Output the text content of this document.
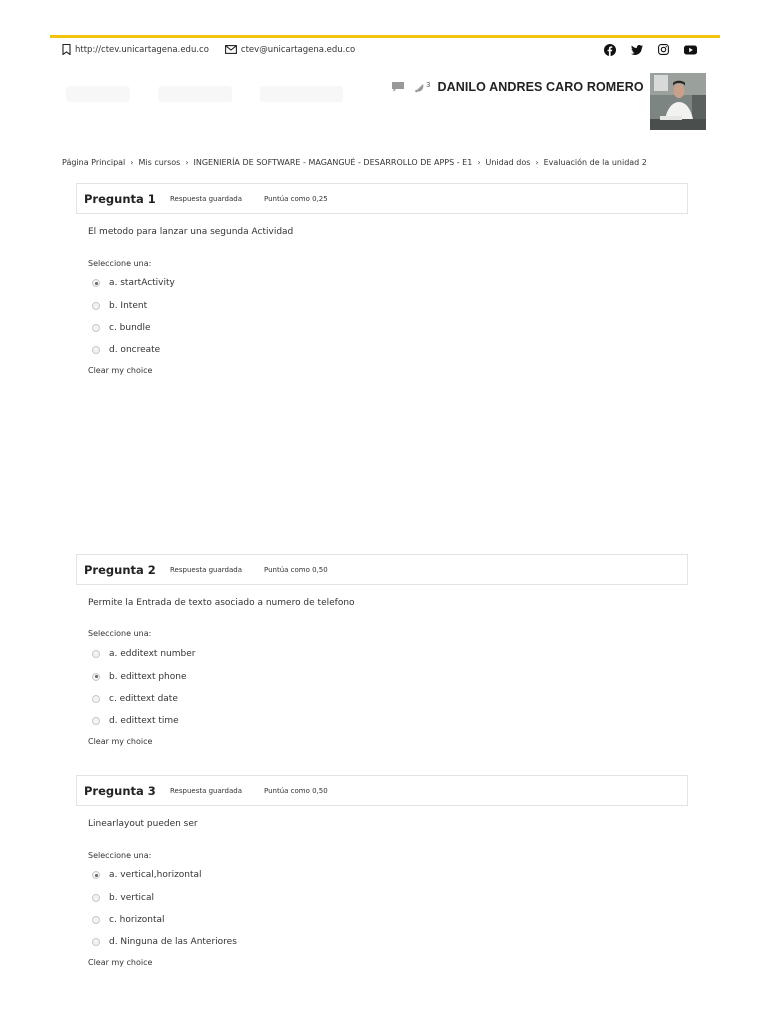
http://ctev.unicartagena.edu.co	ctev@unicartagena.edu.co
3 DANILO ANDRES CARO ROMERO
Página Principal › Mis cursos › INGENIERÍA DE SOFTWARE - MAGANGUÉ - DESARROLLO DE APPS - E1 › Unidad dos › Evaluación de la unidad 2
Pregunta 1	Respuesta guardada	Puntúa como 0,25
El metodo para lanzar una segunda Actividad
Seleccione una:
a. startActivity
b. Intent
c. bundle
d. oncreate
Clear my choice
Pregunta 2	Respuesta guardada	Puntúa como 0,50
Permite la Entrada de texto asociado a numero de telefono
Seleccione una:
a. edditext number
b. edittext phone
c. edittext date
d. edittext time
Clear my choice
Pregunta 3	Respuesta guardada	Puntúa como 0,50
Linearlayout pueden ser
Seleccione una:
a. vertical,horizontal
b. vertical
c. horizontal
d. Ninguna de las Anteriores
Clear my choice
